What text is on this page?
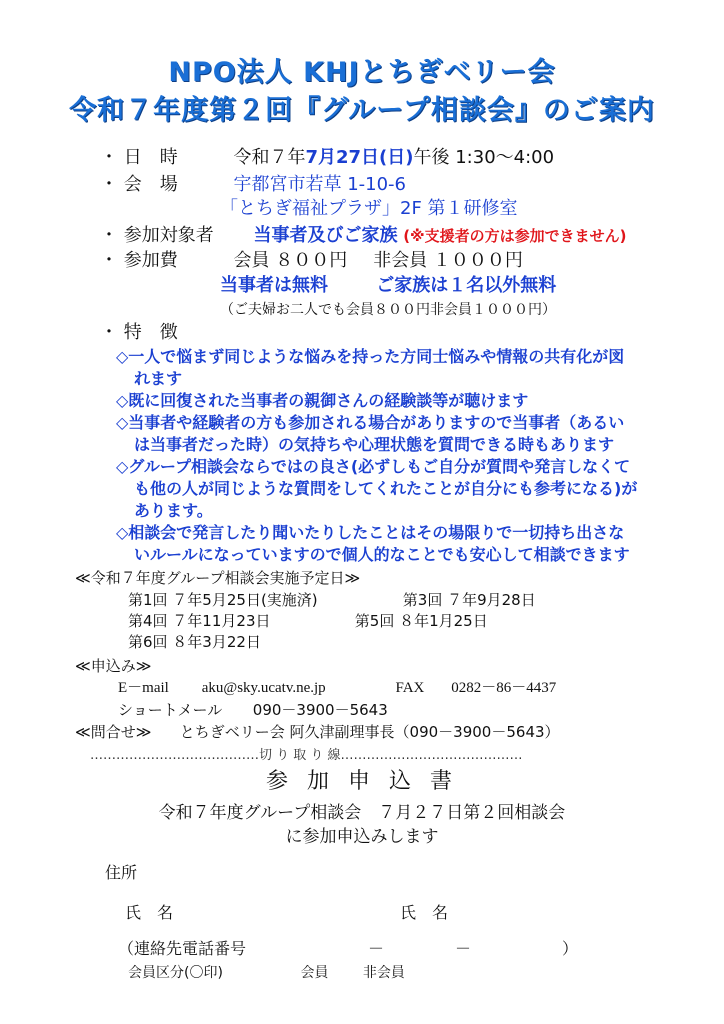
NPO法人 KHJとちぎベリー会
令和７年度第２回『グループ相談会』のご案内
・ 日　時	令和７年7月27日(日)午後 1:30～4:00
・ 会　場	宇都宮市若草 1-10-6
「とちぎ福祉プラザ」2F 第１研修室
・ 参加対象者 当事者及びご家族 (※支援者の方は参加できません)
・ 参加費	会員 ８００円 非会員 １０００円
当事者は無料	ご家族は１名以外無料
（ご夫婦お二人でも会員８００円非会員１０００円）
・ 特　徴
◇一人で悩まず同じような悩みを持った方同士悩みや情報の共有化が図
れます
◇既に回復された当事者の親御さんの経験談等が聴けます
◇当事者や経験者の方も参加される場合がありますので当事者（あるい
は当事者だった時）の気持ちや心理状態を質問できる時もあります
◇グループ相談会ならではの良さ(必ずしもご自分が質問や発言しなくて
も他の人が同じような質問をしてくれたことが自分にも参考になる)が
あります。
◇相談会で発言したり聞いたりしたことはその場限りで一切持ち出さな
いルールになっていますので個人的なことでも安心して相談できます
≪令和７年度グループ相談会実施予定日≫
第1回 ７年5月25日(実施済)	第3回 ７年9月28日
第4回 ７年11月23日	第5回 ８年1月25日
第6回 ８年3月22日
≪申込み≫
E－mail aku@sky.ucatv.ne.jp	FAX 0282－86－4437
ショートメール 090－3900－5643
≪問合せ≫ とちぎベリー会 阿久津副理事長（090－3900－5643）
…………………………………切 り 取 り 線……………………………………
参 加 申 込 書
令和７年度グループ相談会　７月２７日第２回相談会
に参加申込みします
住所
氏　名	氏　名
（連絡先電話番号	－	－	）
会員区分(〇印)	会員 非会員
